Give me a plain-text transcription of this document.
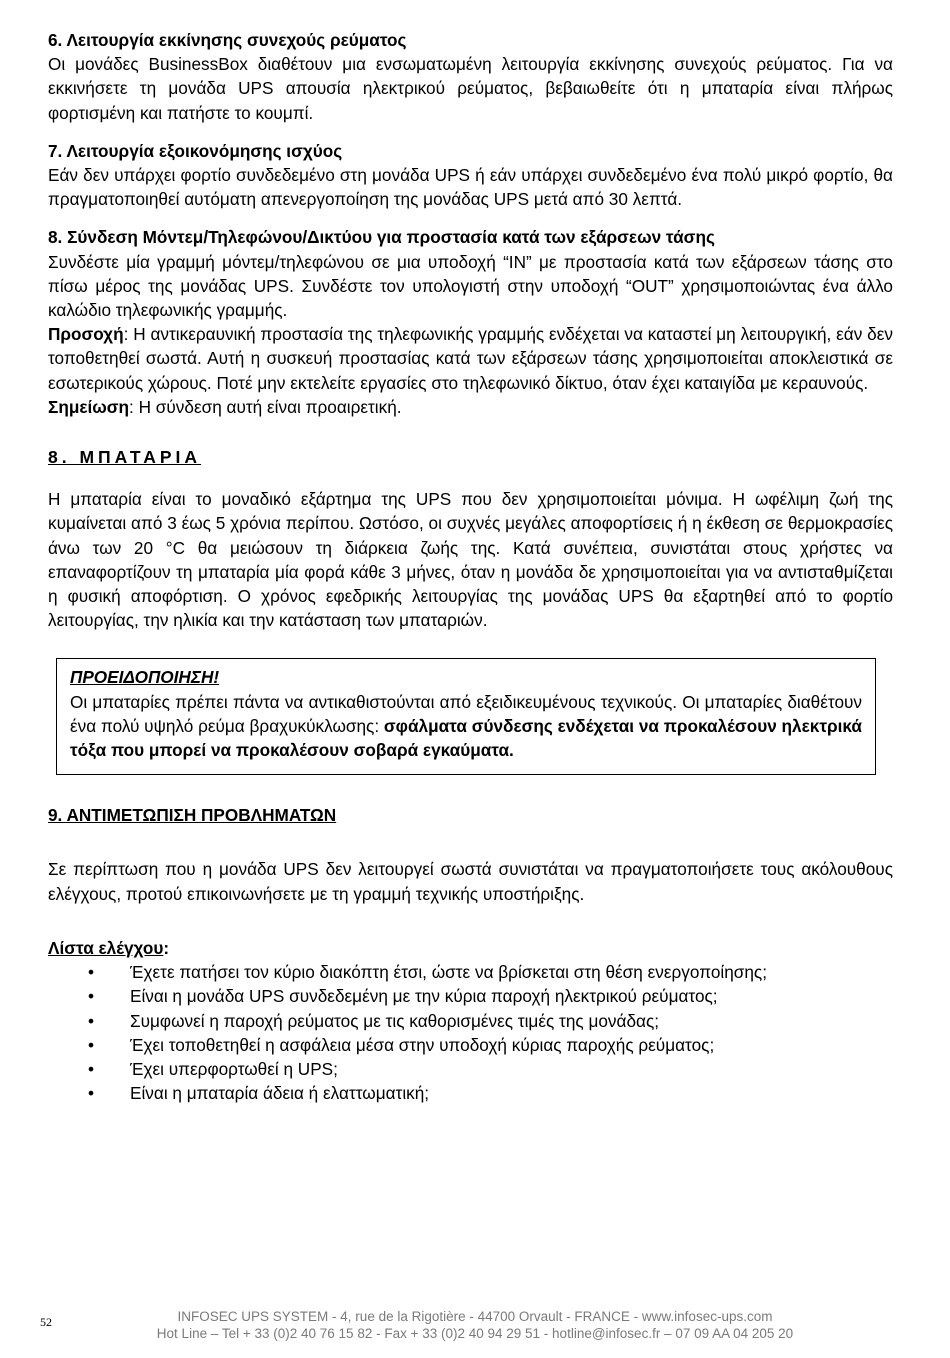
6. Λειτουργία εκκίνησης συνεχούς ρεύματος

Οι μονάδες BusinessBox διαθέτουν μια ενσωματωμένη λειτουργία εκκίνησης συνεχούς ρεύματος. Για να εκκινήσετε τη μονάδα UPS απουσία ηλεκτρικού ρεύματος, βεβαιωθείτε ότι η μπαταρία είναι πλήρως φορτισμένη και πατήστε το κουμπί.

7. Λειτουργία εξοικονόμησης ισχύος

Εάν δεν υπάρχει φορτίο συνδεδεμένο στη μονάδα UPS ή εάν υπάρχει συνδεδεμένο ένα πολύ μικρό φορτίο, θα πραγματοποιηθεί αυτόματη απενεργοποίηση της μονάδας UPS μετά από 30 λεπτά.

8. Σύνδεση Μόντεμ/Τηλεφώνου/Δικτύου για προστασία κατά των εξάρσεων τάσης

Συνδέστε μία γραμμή μόντεμ/τηλεφώνου σε μια υποδοχή “IN” με προστασία κατά των εξάρσεων τάσης στο πίσω μέρος της μονάδας UPS. Συνδέστε τον υπολογιστή στην υποδοχή “OUT” χρησιμοποιώντας ένα άλλο καλώδιο τηλεφωνικής γραμμής.

Προσοχή: Η αντικεραυνική προστασία της τηλεφωνικής γραμμής ενδέχεται να καταστεί μη λειτουργική, εάν δεν τοποθετηθεί σωστά. Αυτή η συσκευή προστασίας κατά των εξάρσεων τάσης χρησιμοποιείται αποκλειστικά σε εσωτερικούς χώρους. Ποτέ μην εκτελείτε εργασίες στο τηλεφωνικό δίκτυο, όταν έχει καταιγίδα με κεραυνούς.

Σημείωση: Η σύνδεση αυτή είναι προαιρετική.

8. ΜΠΑΤΑΡΙΑ

Η μπαταρία είναι το μοναδικό εξάρτημα της UPS που δεν χρησιμοποιείται μόνιμα. Η ωφέλιμη ζωή της κυμαίνεται από 3 έως 5 χρόνια περίπου. Ωστόσο, οι συχνές μεγάλες αποφορτίσεις ή η έκθεση σε θερμοκρασίες άνω των 20 °C θα μειώσουν τη διάρκεια ζωής της. Κατά συνέπεια, συνιστάται στους χρήστες να επαναφορτίζουν τη μπαταρία μία φορά κάθε 3 μήνες, όταν η μονάδα δε χρησιμοποιείται για να αντισταθμίζεται η φυσική αποφόρτιση. Ο χρόνος εφεδρικής λειτουργίας της μονάδας UPS θα εξαρτηθεί από το φορτίο λειτουργίας, την ηλικία και την κατάσταση των μπαταριών.

ΠΡΟΕΙΔΟΠΟΙΗΣΗ!

Οι μπαταρίες πρέπει πάντα να αντικαθιστούνται από εξειδικευμένους τεχνικούς. Οι μπαταρίες διαθέτουν ένα πολύ υψηλό ρεύμα βραχυκύκλωσης: σφάλματα σύνδεσης ενδέχεται να προκαλέσουν ηλεκτρικά τόξα που μπορεί να προκαλέσουν σοβαρά εγκαύματα.

9. ΑΝΤΙΜΕΤΩΠΙΣΗ ΠΡΟΒΛΗΜΑΤΩΝ

Σε περίπτωση που η μονάδα UPS δεν λειτουργεί σωστά συνιστάται να πραγματοποιήσετε τους ακόλουθους ελέγχους, προτού επικοινωνήσετε με τη γραμμή τεχνικής υποστήριξης.

Λίστα ελέγχου:
• Έχετε πατήσει τον κύριο διακόπτη έτσι, ώστε να βρίσκεται στη θέση ενεργοποίησης;
• Είναι η μονάδα UPS συνδεδεμένη με την κύρια παροχή ηλεκτρικού ρεύματος;
• Συμφωνεί η παροχή ρεύματος με τις καθορισμένες τιμές της μονάδας;
• Έχει τοποθετηθεί η ασφάλεια μέσα στην υποδοχή κύριας παροχής ρεύματος;
• Έχει υπερφορτωθεί η UPS;
• Είναι η μπαταρία άδεια ή ελαττωματική;
52	INFOSEC UPS SYSTEM - 4, rue de la Rigotière - 44700 Orvault - FRANCE - www.infosec-ups.com
Hot Line – Tel + 33 (0)2 40 76 15 82 - Fax + 33 (0)2 40 94 29 51 - hotline@infosec.fr – 07 09 AA 04 205 20
